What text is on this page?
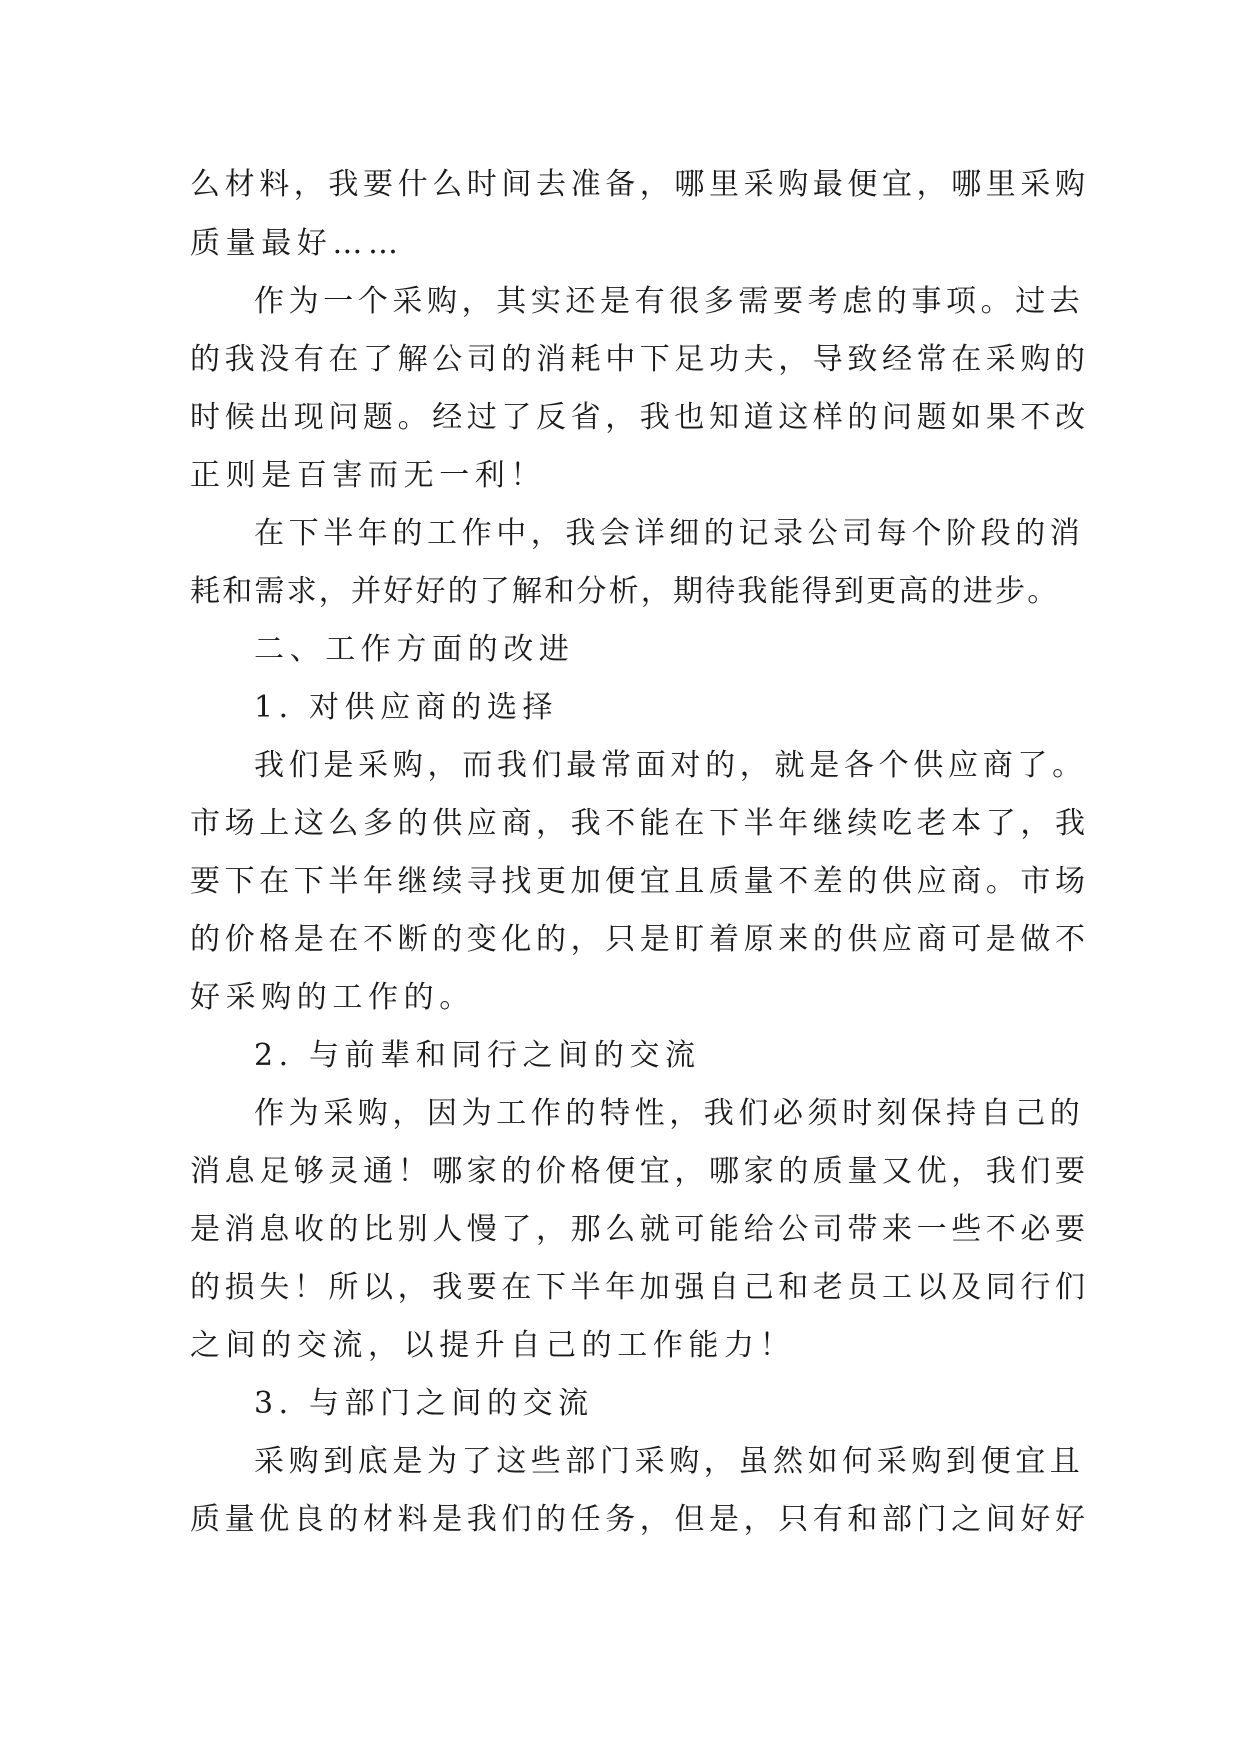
么材料，我要什么时间去准备，哪里采购最便宜，哪里采购

质量最好……

作为一个采购，其实还是有很多需要考虑的事项。过去

的我没有在了解公司的消耗中下足功夫，导致经常在采购的

时候出现问题。经过了反省，我也知道这样的问题如果不改

正则是百害而无一利！

在下半年的工作中，我会详细的记录公司每个阶段的消

耗和需求，并好好的了解和分析，期待我能得到更高的进步。

二、工作方面的改进

1. 对供应商的选择

我们是采购，而我们最常面对的，就是各个供应商了。

市场上这么多的供应商，我不能在下半年继续吃老本了，我

要下在下半年继续寻找更加便宜且质量不差的供应商。市场

的价格是在不断的变化的，只是盯着原来的供应商可是做不

好采购的工作的。

2. 与前辈和同行之间的交流

作为采购，因为工作的特性，我们必须时刻保持自己的

消息足够灵通！哪家的价格便宜，哪家的质量又优，我们要

是消息收的比别人慢了，那么就可能给公司带来一些不必要

的损失！所以，我要在下半年加强自己和老员工以及同行们

之间的交流，以提升自己的工作能力！

3. 与部门之间的交流

采购到底是为了这些部门采购，虽然如何采购到便宜且

质量优良的材料是我们的任务，但是，只有和部门之间好好
